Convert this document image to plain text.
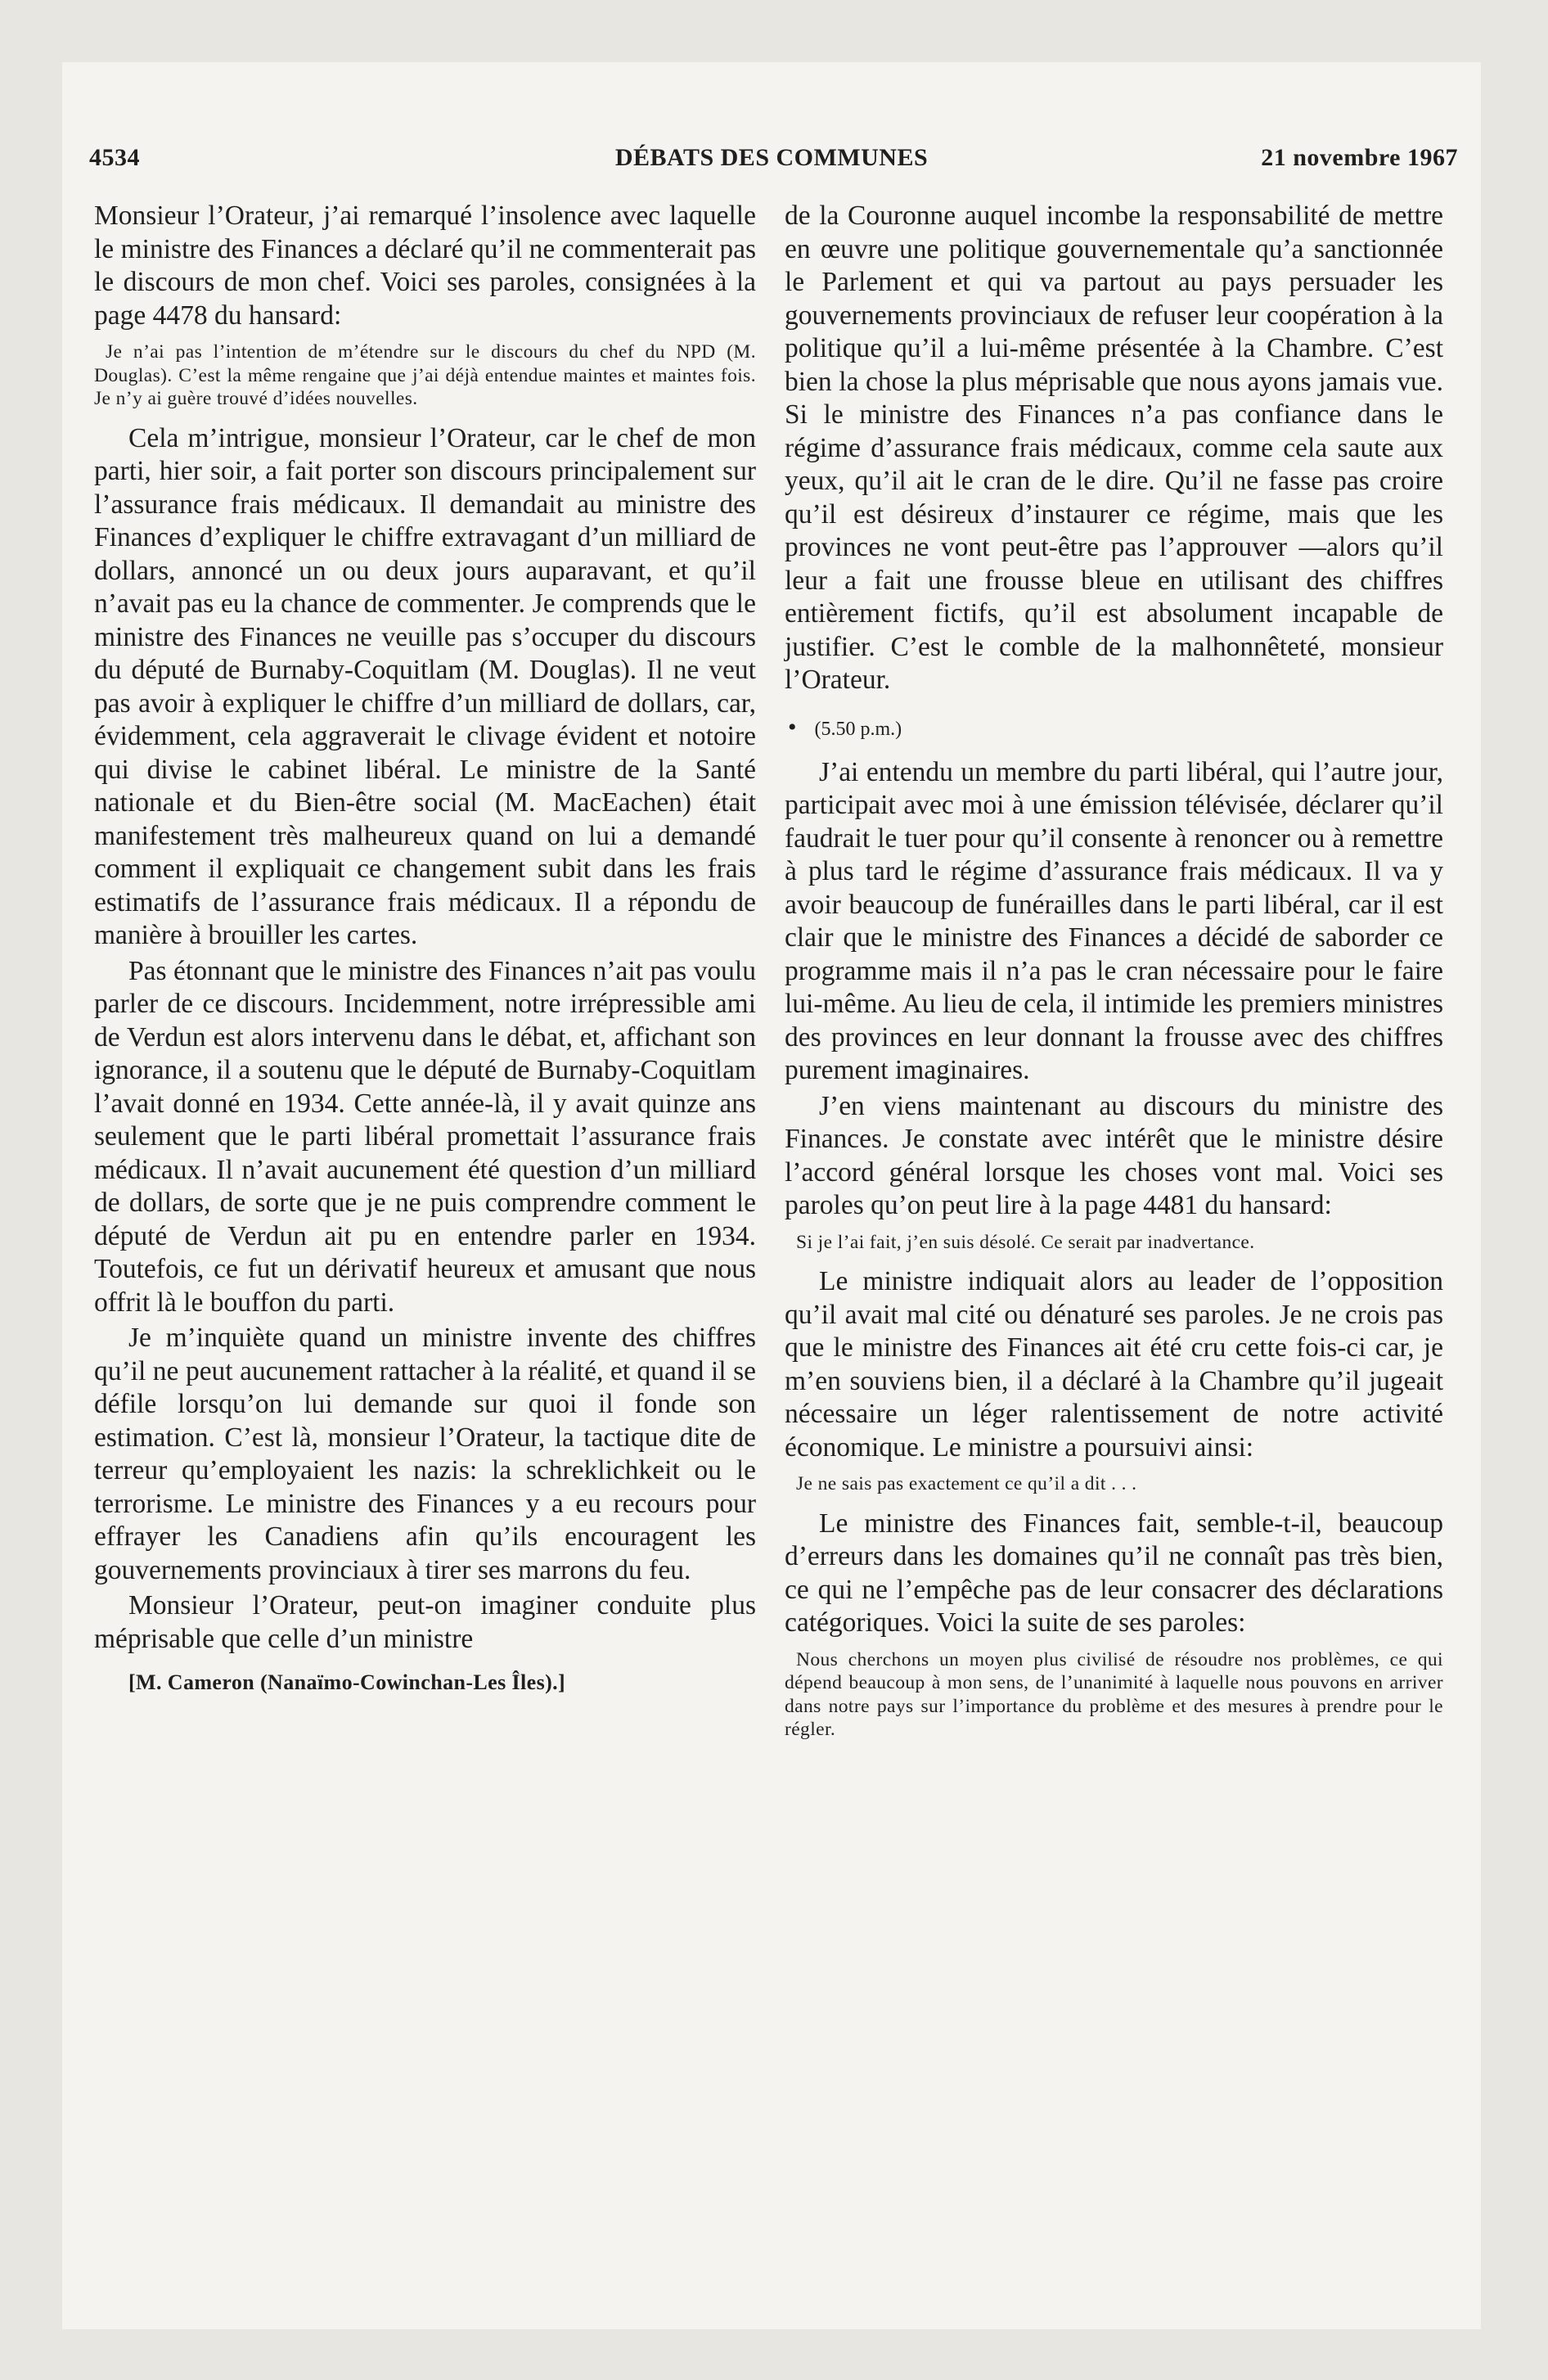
4534	DÉBATS DES COMMUNES	21 novembre 1967

Monsieur l’Orateur, j’ai remarqué l’insolence avec laquelle le ministre des Finances a déclaré qu’il ne commenterait pas le discours de mon chef. Voici ses paroles, consignées à la page 4478 du hansard:

Je n’ai pas l’intention de m’étendre sur le discours du chef du NPD (M. Douglas). C’est la même rengaine que j’ai déjà entendue maintes et maintes fois. Je n’y ai guère trouvé d’idées nouvelles.

Cela m’intrigue, monsieur l’Orateur, car le chef de mon parti, hier soir, a fait porter son discours principalement sur l’assurance frais médicaux. Il demandait au ministre des Finances d’expliquer le chiffre extravagant d’un milliard de dollars, annoncé un ou deux jours auparavant, et qu’il n’avait pas eu la chance de commenter. Je comprends que le ministre des Finances ne veuille pas s’occuper du discours du député de Burnaby-Coquitlam (M. Douglas). Il ne veut pas avoir à expliquer le chiffre d’un milliard de dollars, car, évidemment, cela aggraverait le clivage évident et notoire qui divise le cabinet libéral. Le ministre de la Santé nationale et du Bien-être social (M. MacEachen) était manifestement très malheureux quand on lui a demandé comment il expliquait ce changement subit dans les frais estimatifs de l’assurance frais médicaux. Il a répondu de manière à brouiller les cartes.

Pas étonnant que le ministre des Finances n’ait pas voulu parler de ce discours. Incidemment, notre irrépressible ami de Verdun est alors intervenu dans le débat, et, affichant son ignorance, il a soutenu que le député de Burnaby-Coquitlam l’avait donné en 1934. Cette année-là, il y avait quinze ans seulement que le parti libéral promettait l’assurance frais médicaux. Il n’avait aucunement été question d’un milliard de dollars, de sorte que je ne puis comprendre comment le député de Verdun ait pu en entendre parler en 1934. Toutefois, ce fut un dérivatif heureux et amusant que nous offrit là le bouffon du parti.

Je m’inquiète quand un ministre invente des chiffres qu’il ne peut aucunement rattacher à la réalité, et quand il se défile lorsqu’on lui demande sur quoi il fonde son estimation. C’est là, monsieur l’Orateur, la tactique dite de terreur qu’employaient les nazis: la schreklichkeit ou le terrorisme. Le ministre des Finances y a eu recours pour effrayer les Canadiens afin qu’ils encouragent les gouvernements provinciaux à tirer ses marrons du feu.

Monsieur l’Orateur, peut-on imaginer conduite plus méprisable que celle d’un ministre

[M. Cameron (Nanaïmo-Cowinchan-Les Îles).]

de la Couronne auquel incombe la responsabilité de mettre en œuvre une politique gouvernementale qu’a sanctionnée le Parlement et qui va partout au pays persuader les gouvernements provinciaux de refuser leur coopération à la politique qu’il a lui-même présentée à la Chambre. C’est bien la chose la plus méprisable que nous ayons jamais vue. Si le ministre des Finances n’a pas confiance dans le régime d’assurance frais médicaux, comme cela saute aux yeux, qu’il ait le cran de le dire. Qu’il ne fasse pas croire qu’il est désireux d’instaurer ce régime, mais que les provinces ne vont peut-être pas l’approuver —alors qu’il leur a fait une frousse bleue en utilisant des chiffres entièrement fictifs, qu’il est absolument incapable de justifier. C’est le comble de la malhonnêteté, monsieur l’Orateur.

• (5.50 p.m.)

J’ai entendu un membre du parti libéral, qui l’autre jour, participait avec moi à une émission télévisée, déclarer qu’il faudrait le tuer pour qu’il consente à renoncer ou à remettre à plus tard le régime d’assurance frais médicaux. Il va y avoir beaucoup de funérailles dans le parti libéral, car il est clair que le ministre des Finances a décidé de saborder ce programme mais il n’a pas le cran nécessaire pour le faire lui-même. Au lieu de cela, il intimide les premiers ministres des provinces en leur donnant la frousse avec des chiffres purement imaginaires.

J’en viens maintenant au discours du ministre des Finances. Je constate avec intérêt que le ministre désire l’accord général lorsque les choses vont mal. Voici ses paroles qu’on peut lire à la page 4481 du hansard:

Si je l’ai fait, j’en suis désolé. Ce serait par inadvertance.

Le ministre indiquait alors au leader de l’opposition qu’il avait mal cité ou dénaturé ses paroles. Je ne crois pas que le ministre des Finances ait été cru cette fois-ci car, je m’en souviens bien, il a déclaré à la Chambre qu’il jugeait nécessaire un léger ralentissement de notre activité économique. Le ministre a poursuivi ainsi:

Je ne sais pas exactement ce qu’il a dit . . .

Le ministre des Finances fait, semble-t-il, beaucoup d’erreurs dans les domaines qu’il ne connaît pas très bien, ce qui ne l’empêche pas de leur consacrer des déclarations catégoriques. Voici la suite de ses paroles:

Nous cherchons un moyen plus civilisé de résoudre nos problèmes, ce qui dépend beaucoup à mon sens, de l’unanimité à laquelle nous pouvons en arriver dans notre pays sur l’importance du problème et des mesures à prendre pour le régler.
